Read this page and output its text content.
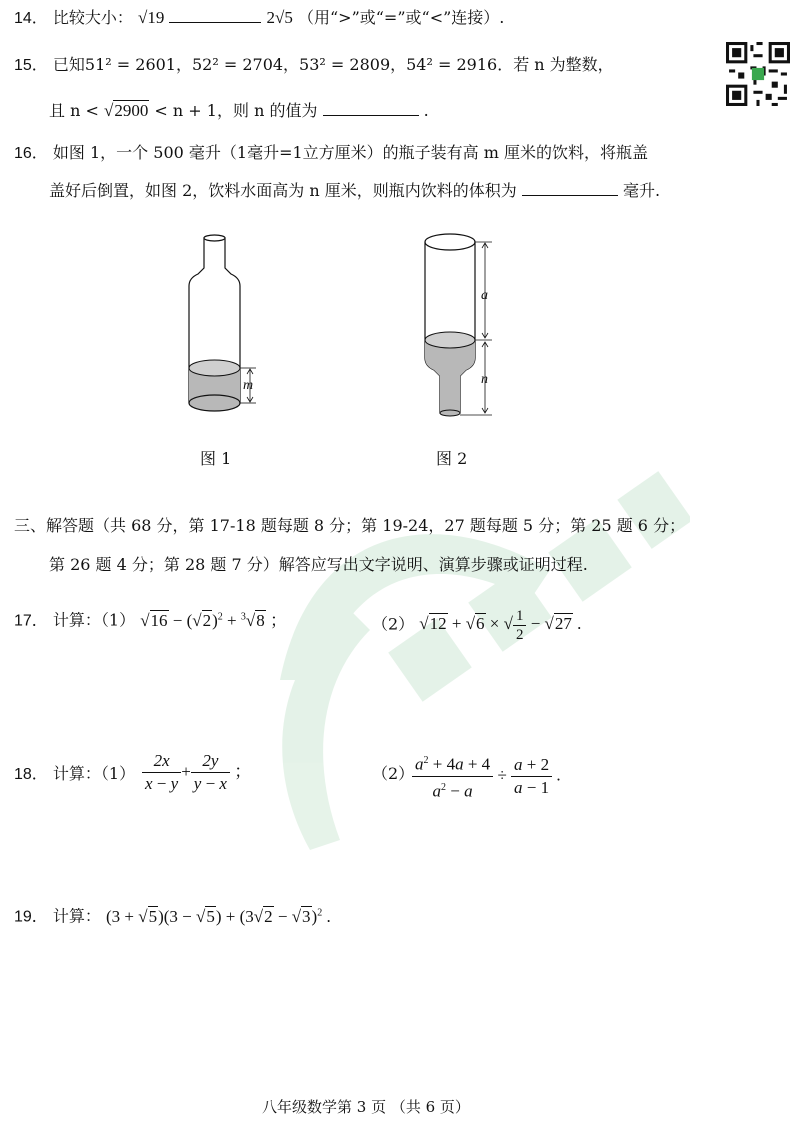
14． 比较大小： √19	2√5 （用“>”或“=”或“<”连接）.
15． 已知51² = 2601，52² = 2704，53² = 2809，54² = 2916．若 n 为整数，
且 n < √2900 < n + 1，则 n 的值为	.
16． 如图 1，一个 500 毫升（1毫升=1立方厘米）的瓶子装有高 m 厘米的饮料，将瓶盖
盖好后倒置，如图 2，饮料水面高为 n 厘米，则瓶内饮料的体积为	毫升.
m
图 1
a
n
图 2
三、解答题（共 68 分，第 17-18 题每题 8 分；第 19-24，27 题每题 5 分；第 25 题 6 分；
第 26 题 4 分；第 28 题 7 分）解答应写出文字说明、演算步骤或证明过程.
17． 计算：（1） $√16 - (√2)^2 + ^3√8$ ；	（2） √12 + √6 × √ $\frac{1}{2} - √27$ .
18． 计算：$(1) \frac{2x}{x - y} + \frac{2y}{y - x}$ ；	（2）
$\frac{a^2 + 4a + 4}{a^2 - a} \div \frac{a + 2}{a - 1}$ .
19． 计算： $(3 + √5)(3 - √5) + (3√2 - √3)^2$ .
八年级数学第 3 页 （共 6 页）
